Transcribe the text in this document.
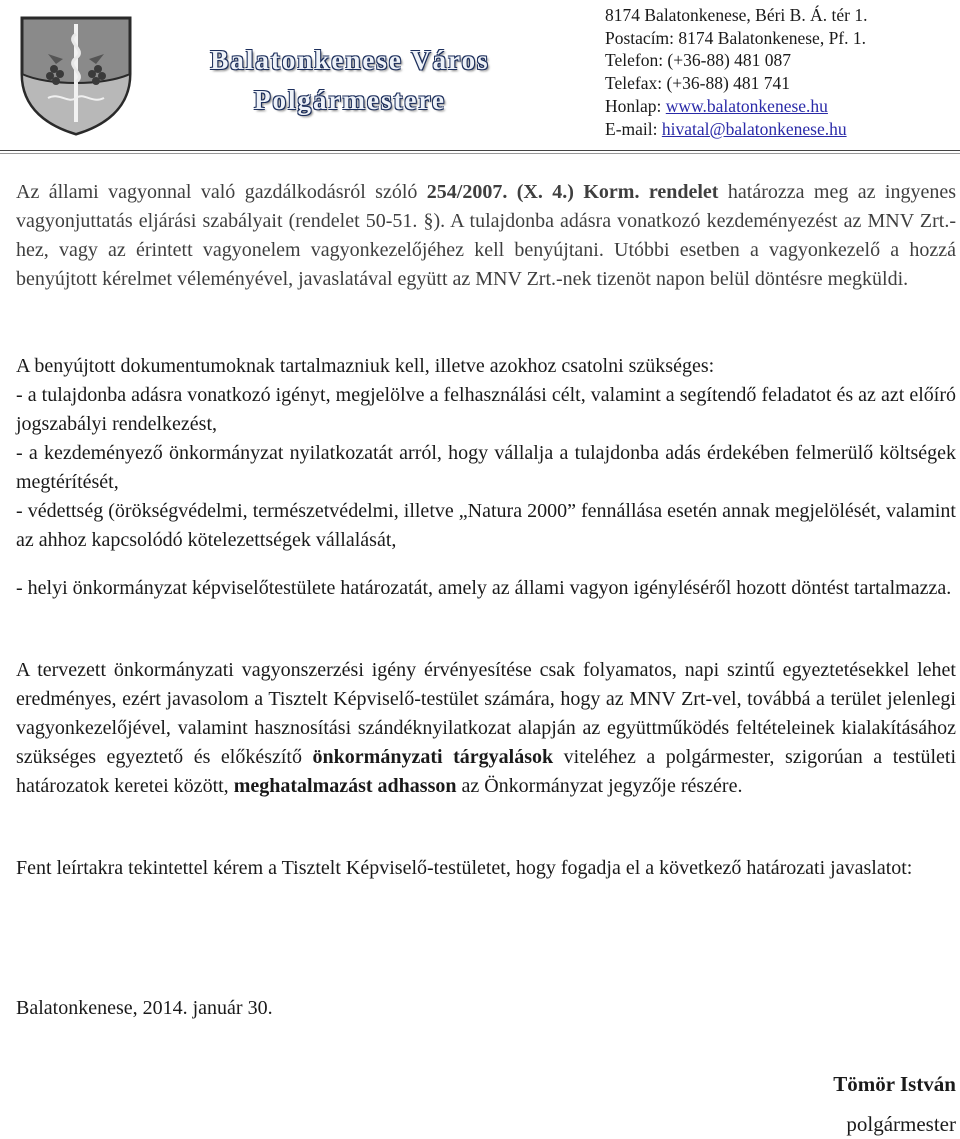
Balatonkenese Város
Polgármestere
8174 Balatonkenese, Béri B. Á. tér 1.
Postacím: 8174 Balatonkenese, Pf. 1.
Telefon: (+36-88) 481 087
Telefax: (+36-88) 481 741
Honlap: www.balatonkenese.hu
E-mail: hivatal@balatonkenese.hu

Az állami vagyonnal való gazdálkodásról szóló 254/2007. (X. 4.) Korm. rendelet határozza meg az ingyenes vagyonjuttatás eljárási szabályait (rendelet 50-51. §). A tulajdonba adásra vonatkozó kezdeményezést az MNV Zrt.-hez, vagy az érintett vagyonelem vagyonkezelőjéhez kell benyújtani. Utóbbi esetben a vagyonkezelő a hozzá benyújtott kérelmet véleményével, javaslatával együtt az MNV Zrt.-nek tizenöt napon belül döntésre megküldi.

A benyújtott dokumentumoknak tartalmazniuk kell, illetve azokhoz csatolni szükséges:
- a tulajdonba adásra vonatkozó igényt, megjelölve a felhasználási célt, valamint a segítendő feladatot és az azt előíró jogszabályi rendelkezést,
- a kezdeményező önkormányzat nyilatkozatát arról, hogy vállalja a tulajdonba adás érdekében felmerülő költségek megtérítését,
- védettség (örökségvédelmi, természetvédelmi, illetve „Natura 2000” fennállása esetén annak megjelölését, valamint az ahhoz kapcsolódó kötelezettségek vállalását,

- helyi önkormányzat képviselőtestülete határozatát, amely az állami vagyon igényléséről hozott döntést tartalmazza.

A tervezett önkormányzati vagyonszerzési igény érvényesítése csak folyamatos, napi szintű egyeztetésekkel lehet eredményes, ezért javasolom a Tisztelt Képviselő-testület számára, hogy az MNV Zrt-vel, továbbá a terület jelenlegi vagyonkezelőjével, valamint hasznosítási szándéknyilatkozat alapján az együttműködés feltételeinek kialakításához szükséges egyeztető és előkészítő önkormányzati tárgyalások viteléhez a polgármester, szigorúan a testületi határozatok keretei között, meghatalmazást adhasson az Önkormányzat jegyzője részére.

Fent leírtakra tekintettel kérem a Tisztelt Képviselő-testületet, hogy fogadja el a következő határozati javaslatot:

Balatonkenese, 2014. január 30.

Tömör István
polgármester
